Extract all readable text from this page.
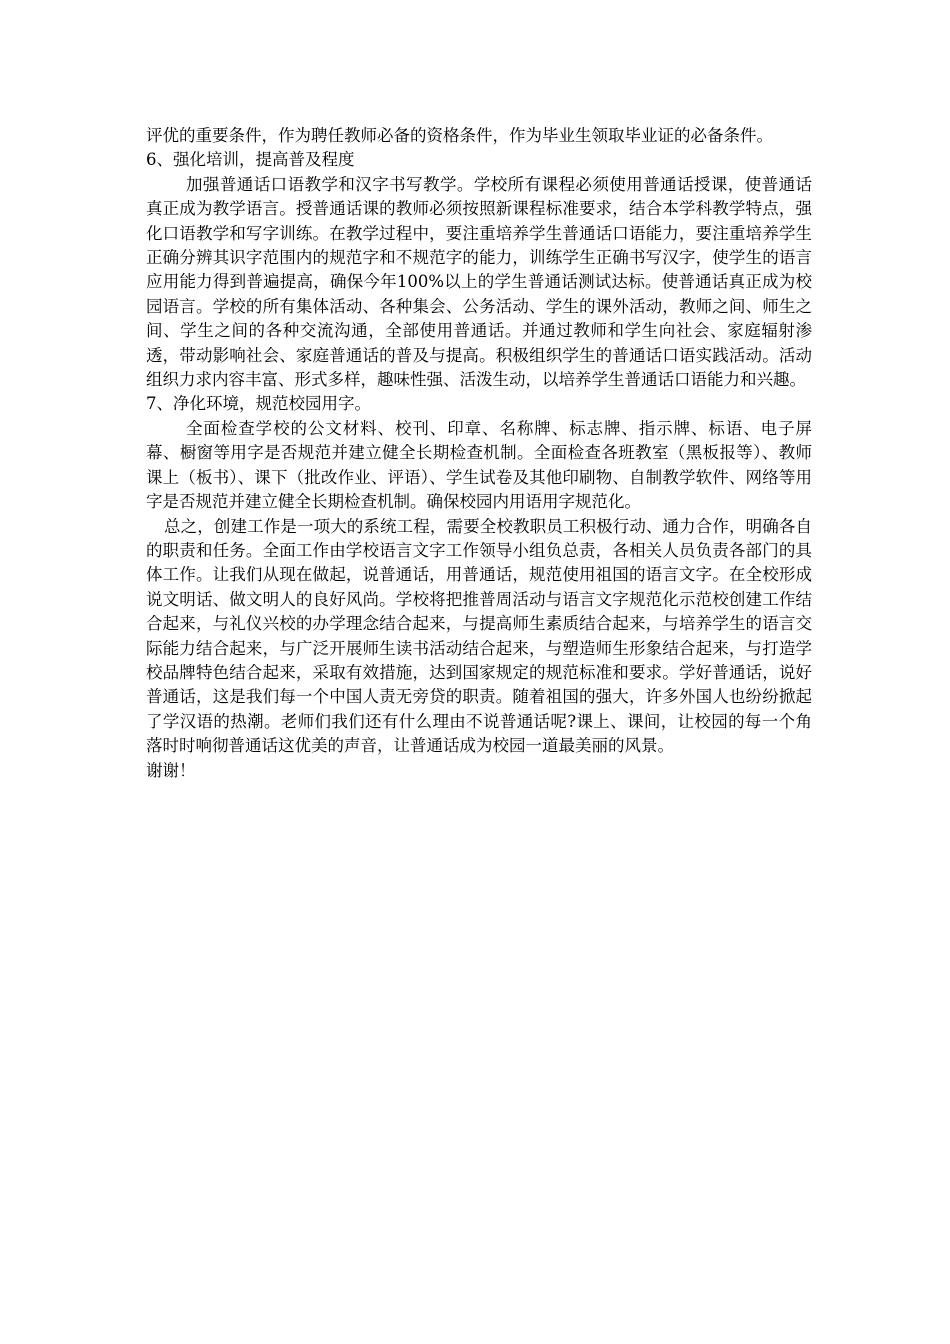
评优的重要条件，作为聘任教师必备的资格条件，作为毕业生领取毕业证的必备条件。

6、强化培训，提高普及程度

加强普通话口语教学和汉字书写教学。学校所有课程必须使用普通话授课，使普通话真正成为教学语言。授普通话课的教师必须按照新课程标准要求，结合本学科教学特点，强化口语教学和写字训练。在教学过程中，要注重培养学生普通话口语能力，要注重培养学生正确分辨其识字范围内的规范字和不规范字的能力，训练学生正确书写汉字，使学生的语言应用能力得到普遍提高，确保今年100%以上的学生普通话测试达标。使普通话真正成为校园语言。学校的所有集体活动、各种集会、公务活动、学生的课外活动，教师之间、师生之间、学生之间的各种交流沟通，全部使用普通话。并通过教师和学生向社会、家庭辐射渗透，带动影响社会、家庭普通话的普及与提高。积极组织学生的普通话口语实践活动。活动组织力求内容丰富、形式多样，趣味性强、活泼生动，以培养学生普通话口语能力和兴趣。

7、净化环境，规范校园用字。

全面检查学校的公文材料、校刊、印章、名称牌、标志牌、指示牌、标语、电子屏幕、橱窗等用字是否规范并建立健全长期检查机制。全面检查各班教室（黑板报等）、教师课上（板书）、课下（批改作业、评语）、学生试卷及其他印刷物、自制教学软件、网络等用字是否规范并建立健全长期检查机制。确保校园内用语用字规范化。

总之，创建工作是一项大的系统工程，需要全校教职员工积极行动、通力合作，明确各自的职责和任务。全面工作由学校语言文字工作领导小组负总责，各相关人员负责各部门的具体工作。让我们从现在做起，说普通话，用普通话，规范使用祖国的语言文字。在全校形成说文明话、做文明人的良好风尚。学校将把推普周活动与语言文字规范化示范校创建工作结合起来，与礼仪兴校的办学理念结合起来，与提高师生素质结合起来，与培养学生的语言交际能力结合起来，与广泛开展师生读书活动结合起来，与塑造师生形象结合起来，与打造学校品牌特色结合起来，采取有效措施，达到国家规定的规范标准和要求。学好普通话，说好普通话，这是我们每一个中国人责无旁贷的职责。随着祖国的强大，许多外国人也纷纷掀起了学汉语的热潮。老师们我们还有什么理由不说普通话呢?课上、课间，让校园的每一个角落时时响彻普通话这优美的声音，让普通话成为校园一道最美丽的风景。

谢谢！
